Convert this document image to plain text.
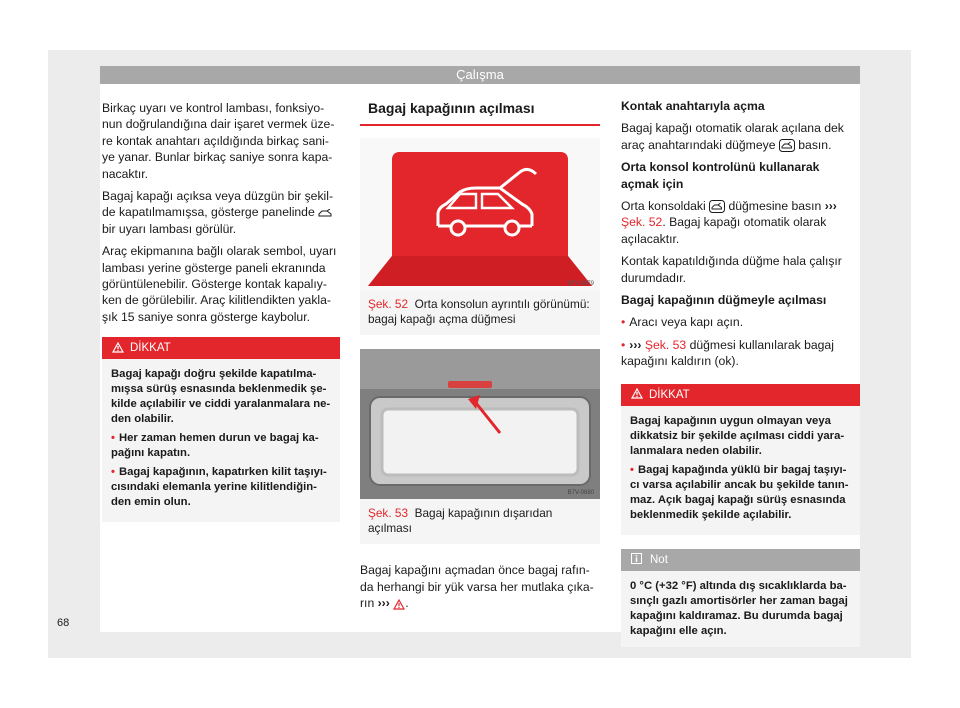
Çalışma

Birkaç uyarı ve kontrol lambası, fonksiyo-nun doğrulandığına dair işaret vermek üze-re kontak anahtarı açıldığında birkaç sani-ye yanar. Bunlar birkaç saniye sonra kapa-nacaktır.

Bagaj kapağı açıksa veya düzgün bir şekil-de kapatılmamışsa, gösterge panelinde  bir uyarı lambası görülür.

Araç ekipmanına bağlı olarak sembol, uyarı lambası yerine gösterge paneli ekranında görüntülenebilir. Gösterge kontak kapalıy-ken de görülebilir. Araç kilitlendikten yakla-şık 15 saniye sonra gösterge kaybolur.

DİKKAT

Bagaj kapağı doğru şekilde kapatılma-mışsa sürüş esnasında beklenmedik şe-kilde açılabilir ve ciddi yaralanmalara ne-den olabilir.

• Her zaman hemen durun ve bagaj ka-pağını kapatın.

• Bagaj kapağının, kapatırken kilit taşıyı-cısındaki elemanla yerine kilitlendiğin-den emin olun.

Bagaj kapağının açılması
B7V-0679
Şek. 52 Orta konsolun ayrıntılı görünümü: bagaj kapağı açma düğmesi
B7V-0680
Şek. 53 Bagaj kapağının dışarıdan açılması

Bagaj kapağını açmadan önce bagaj rafın-da herhangi bir yük varsa her mutlaka çıka-rın ››› .

Kontak anahtarıyla açma

Bagaj kapağı otomatik olarak açılana dek araç anahtarındaki düğmeye basın.

Orta konsol kontrolünü kullanarak açmak için

Orta konsoldaki düğmesine basın ››› Şek. 52. Bagaj kapağı otomatik olarak açılacaktır.

Kontak kapatıldığında düğme hala çalışır durumdadır.

Bagaj kapağının düğmeyle açılması

• Aracı veya kapı açın.

• ››› Şek. 53 düğmesi kullanılarak bagaj kapağını kaldırın (ok).

DİKKAT

Bagaj kapağının uygun olmayan veya dikkatsiz bir şekilde açılması ciddi yara-lanmalara neden olabilir.

• Bagaj kapağında yüklü bir bagaj taşıyı-cı varsa açılabilir ancak bu şekilde tanın-maz. Açık bagaj kapağı sürüş esnasında beklenmedik şekilde açılabilir.

Not
0 °C (+32 °F) altında dış sıcaklıklarda ba-sınçlı gazlı amortisörler her zaman bagaj kapağını kaldıramaz. Bu durumda bagaj kapağını elle açın.
68
